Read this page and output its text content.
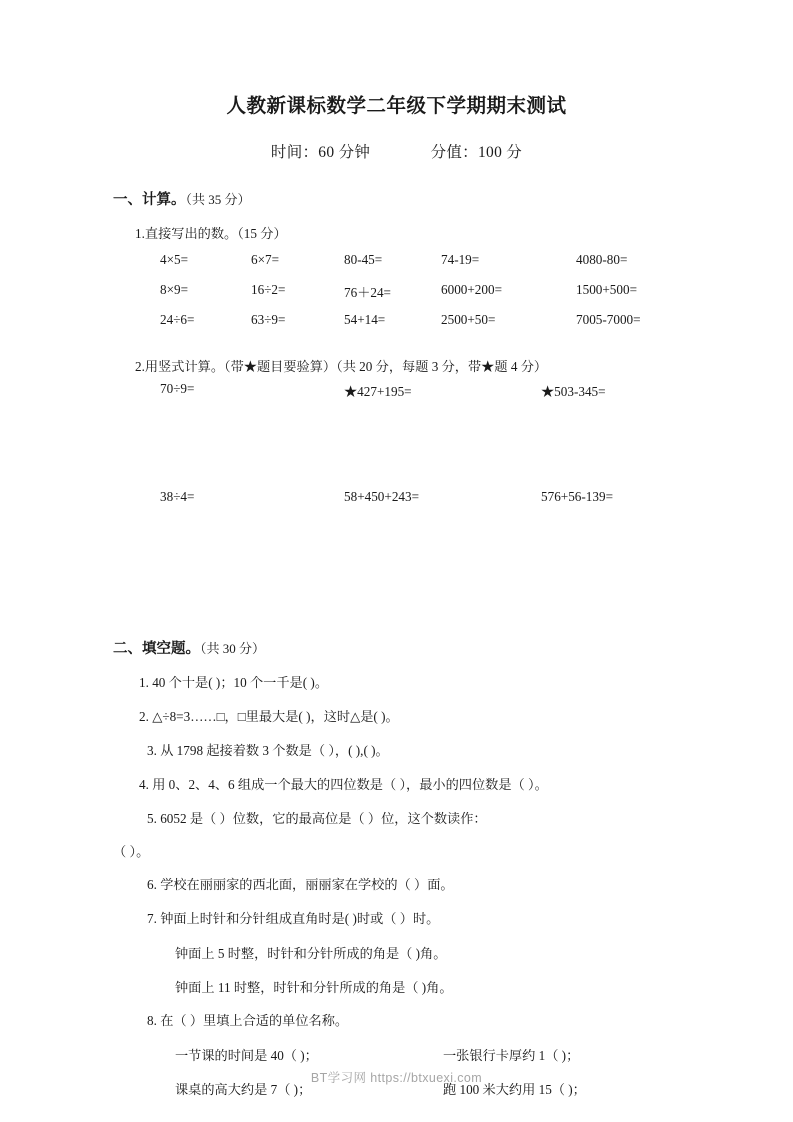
人教新课标数学二年级下学期期末测试

时间：60 分钟	分值：100 分

一、计算。（共 35 分）
1.直接写出的数。（15 分）
4×5=	6×7=	80-45=	74-19=	4080-80=
8×9=	16÷2=	76＋24=	6000+200=	1500+500=
24÷6=	63÷9=	54+14=	2500+50=	7005-7000=
2.用竖式计算。（带★题目要验算）（共 20 分，每题 3 分，带★题 4 分）
70÷9=	★427+195=	★503-345=
38÷4=	58+450+243=	576+56-139=
二、填空题。（共 30 分）
1. 40 个十是( )；10 个一千是( )。
2. △÷8=3……□，□里最大是( )，这时△是( )。
3. 从 1798 起接着数 3 个数是（ ），( ),( )。
4. 用 0、2、4、6 组成一个最大的四位数是（ ），最小的四位数是（ ）。
5. 6052 是（ ）位数，它的最高位是（ ）位，这个数读作：
（ ）。
6. 学校在丽丽家的西北面，丽丽家在学校的（ ）面。
7. 钟面上时针和分针组成直角时是( )时或（ ）时。
钟面上 5 时整，时针和分针所成的角是（ )角。
钟面上 11 时整，时针和分针所成的角是（ )角。
8. 在（ ）里填上合适的单位名称。
一节课的时间是 40（ )；	一张银行卡厚约 1（ )；
课桌的高大约是 7（ )；	跑 100 米大约用 15（ )；
BT学习网 https://btxuexi.com
